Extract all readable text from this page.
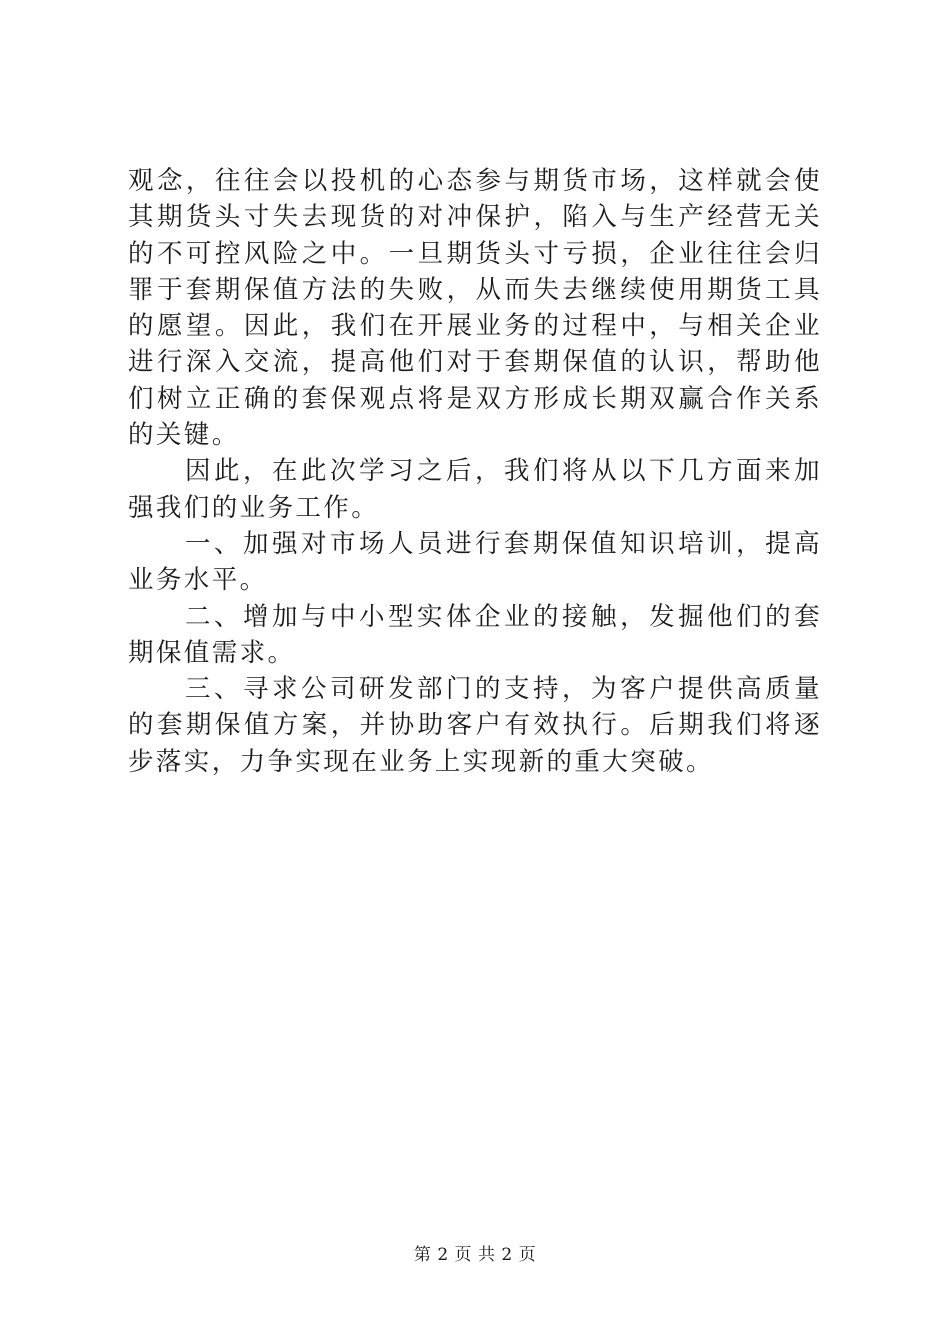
观念，往往会以投机的心态参与期货市场，这样就会使其期货头寸失去现货的对冲保护，陷入与生产经营无关的不可控风险之中。一旦期货头寸亏损，企业往往会归罪于套期保值方法的失败，从而失去继续使用期货工具的愿望。因此，我们在开展业务的过程中，与相关企业进行深入交流，提高他们对于套期保值的认识，帮助他们树立正确的套保观点将是双方形成长期双赢合作关系的关键。

因此，在此次学习之后，我们将从以下几方面来加强我们的业务工作。

一、加强对市场人员进行套期保值知识培训，提高业务水平。

二、增加与中小型实体企业的接触，发掘他们的套期保值需求。

三、寻求公司研发部门的支持，为客户提供高质量的套期保值方案，并协助客户有效执行。后期我们将逐步落实，力争实现在业务上实现新的重大突破。

第 2 页 共 2 页
